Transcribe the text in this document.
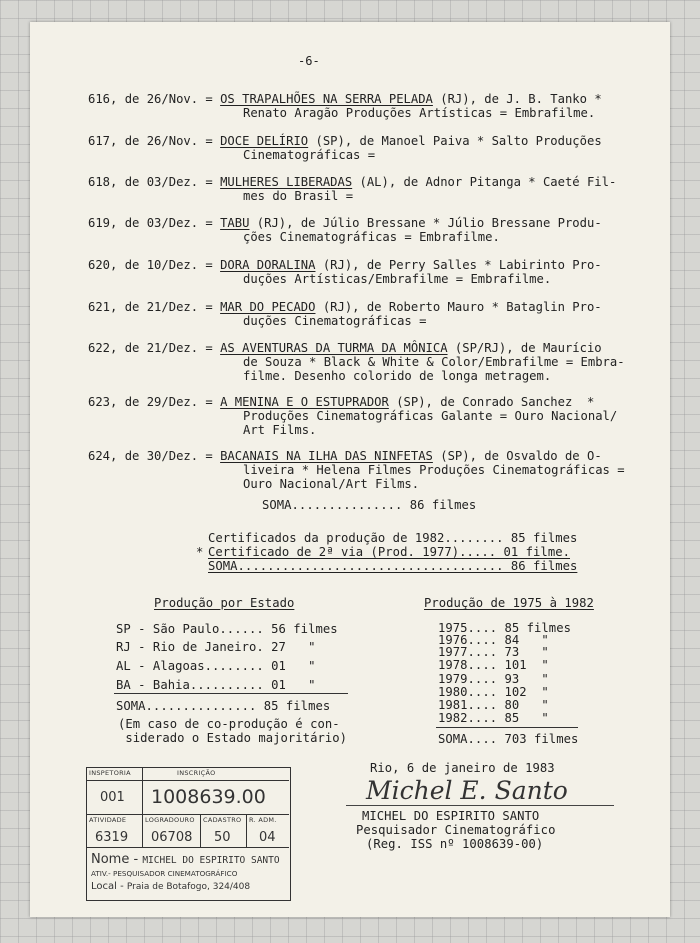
-6-
616, de 26/Nov. = OS TRAPALHÕES NA SERRA PELADA (RJ), de J. B. Tanko *
Renato Aragão Produções Artísticas = Embrafilme.
617, de 26/Nov. = DOCE DELÍRIO (SP), de Manoel Paiva * Salto Produções
Cinematográficas =
618, de 03/Dez. = MULHERES LIBERADAS (AL), de Adnor Pitanga * Caeté Fil-
mes do Brasil =
619, de 03/Dez. = TABU (RJ), de Júlio Bressane * Júlio Bressane Produ-
ções Cinematográficas = Embrafilme.
620, de 10/Dez. = DORA DORALINA (RJ), de Perry Salles * Labirinto Pro-
duções Artísticas/Embrafilme = Embrafilme.
621, de 21/Dez. = MAR DO PECADO (RJ), de Roberto Mauro * Bataglin Pro-
duções Cinematográficas =
622, de 21/Dez. = AS AVENTURAS DA TURMA DA MÔNICA (SP/RJ), de Maurício
de Souza * Black & White & Color/Embrafilme = Embra-
filme. Desenho colorido de longa metragem.
623, de 29/Dez. = A MENINA E O ESTUPRADOR (SP), de Conrado Sanchez  *
Produções Cinematográficas Galante = Ouro Nacional/
Art Films.
624, de 30/Dez. = BACANAIS NA ILHA DAS NINFETAS (SP), de Osvaldo de O-
liveira * Helena Filmes Produções Cinematográficas =
Ouro Nacional/Art Films.
SOMA............... 86 filmes
Certificados da produção de 1982........ 85 filmes
* Certificado de 2ª via (Prod. 1977)..... 01 filme.
SOMA.................................... 86 filmes
Produção por Estado
SP - São Paulo...... 56 filmes
RJ - Rio de Janeiro. 27   "
AL - Alagoas........ 01   "
BA - Bahia.......... 01   "
SOMA............... 85 filmes
(Em caso de co-produção é con-
siderado o Estado majoritário)
Produção de 1975 à 1982
1975.... 85 filmes
1976.... 84   "
1977.... 73   "
1978.... 101  "
1979.... 93   "
1980.... 102  "
1981.... 80   "
1982.... 85   "
SOMA.... 703 filmes
Rio, 6 de janeiro de 1983
Michel E. Santo
MICHEL DO ESPIRITO SANTO
Pesquisador Cinematográfico
(Reg. ISS nº 1008639-00)
INSPETORIA	INSCRIÇÃO
001 1008639.00
ATIVIDADE
6319
LOGRADOURO
06708
CADASTRO
50
R. ADM.
04
Nome - MICHEL DO ESPIRITO SANTO
ATIV.- PESQUISADOR CINEMATOGRÁFICO
Local - Praia de Botafogo, 324/408
